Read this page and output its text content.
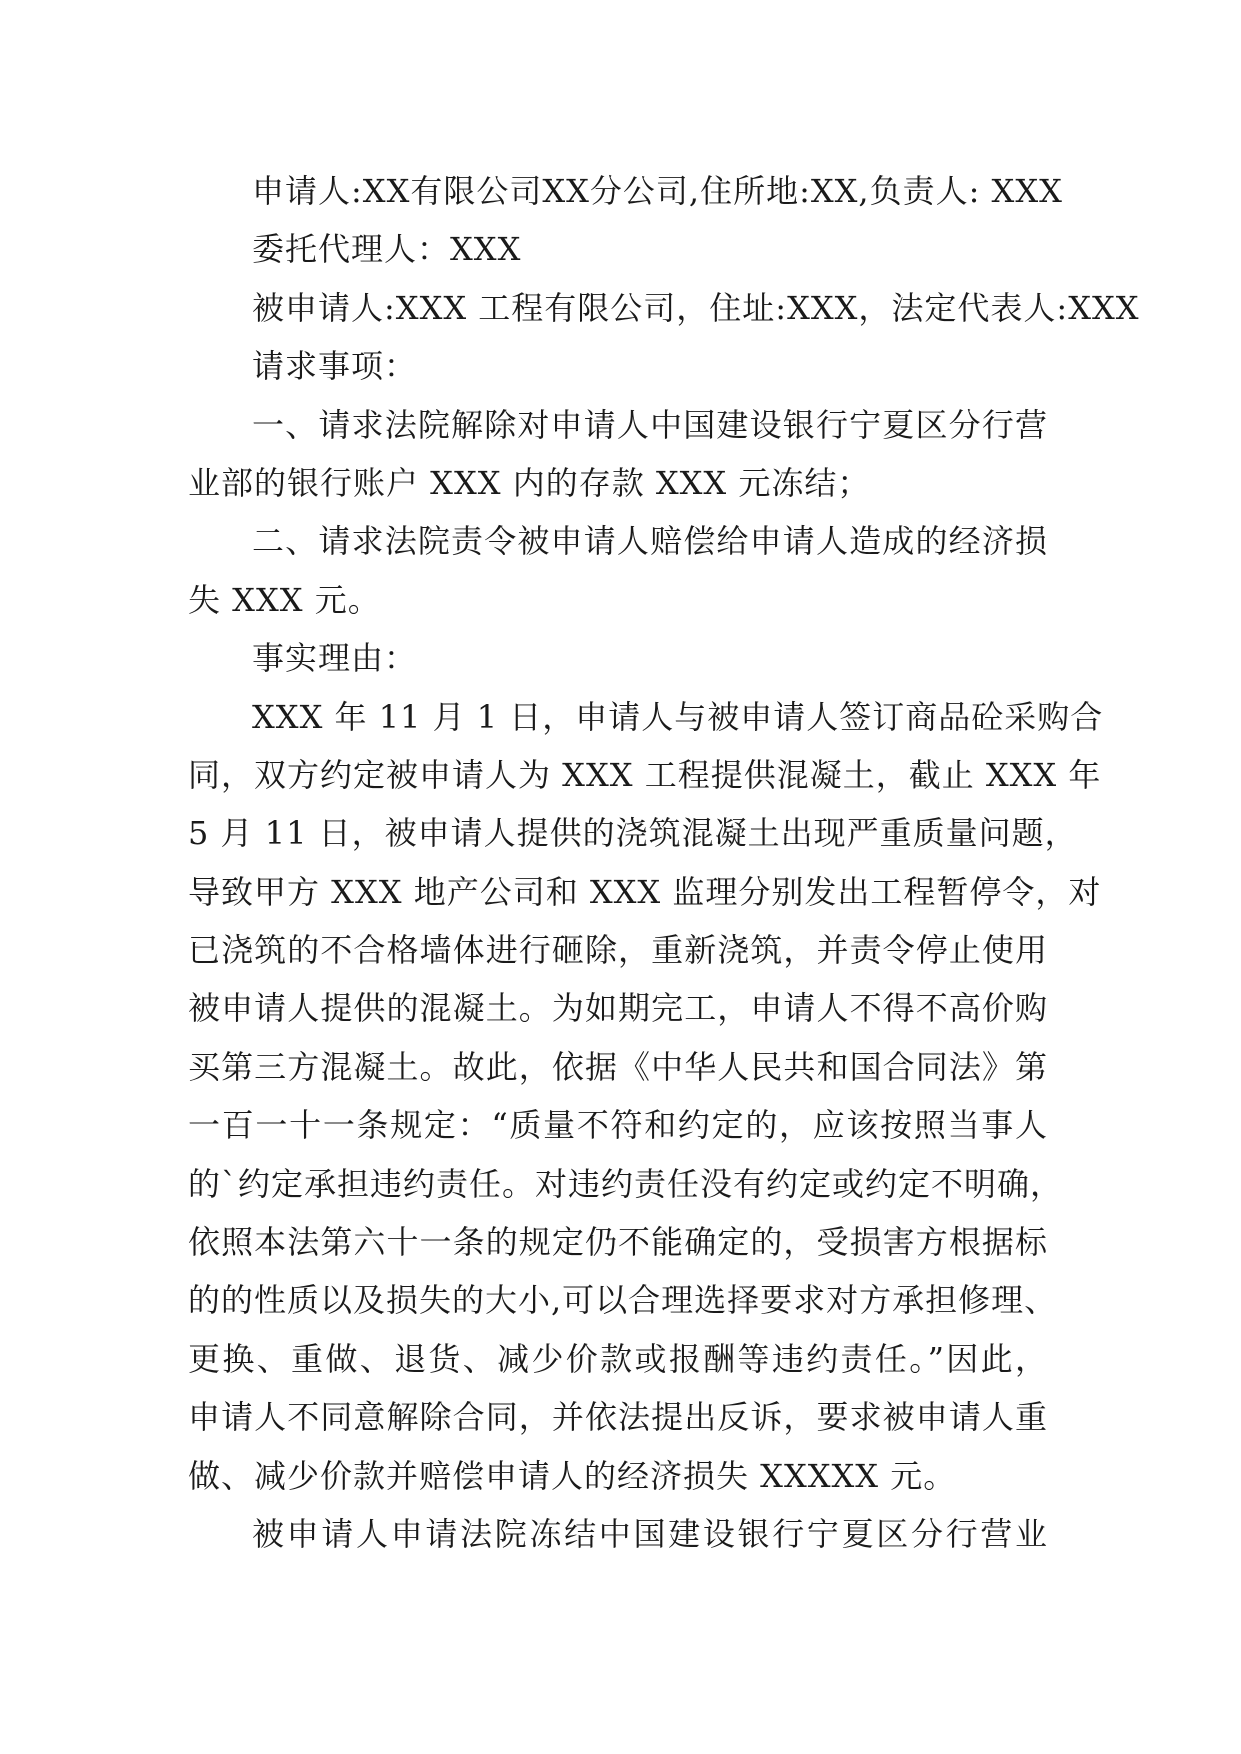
申请人:XX有限公司XX分公司,住所地:XX,负责人: XXX
委托代理人：XXX
被申请人:XXX 工程有限公司，住址:XXX，法定代表人:XXX
请求事项：
一、请求法院解除对申请人中国建设银行宁夏区分行营
业部的银行账户 XXX 内的存款 XXX 元冻结；
二、请求法院责令被申请人赔偿给申请人造成的经济损
失 XXX 元。
事实理由：
XXX 年 11 月 1 日，申请人与被申请人签订商品砼采购合
同，双方约定被申请人为 XXX 工程提供混凝土，截止 XXX 年
5 月 11 日，被申请人提供的浇筑混凝土出现严重质量问题，
导致甲方 XXX 地产公司和 XXX 监理分别发出工程暂停令，对
已浇筑的不合格墙体进行砸除，重新浇筑，并责令停止使用
被申请人提供的混凝土。为如期完工，申请人不得不高价购
买第三方混凝土。故此，依据《中华人民共和国合同法》第
一百一十一条规定：“质量不符和约定的，应该按照当事人
的`约定承担违约责任。对违约责任没有约定或约定不明确，
依照本法第六十一条的规定仍不能确定的，受损害方根据标
的的性质以及损失的大小,可以合理选择要求对方承担修理、
更换、重做、退货、减少价款或报酬等违约责任。”因此，
申请人不同意解除合同，并依法提出反诉，要求被申请人重
做、减少价款并赔偿申请人的经济损失 XXXXX 元。
被申请人申请法院冻结中国建设银行宁夏区分行营业
